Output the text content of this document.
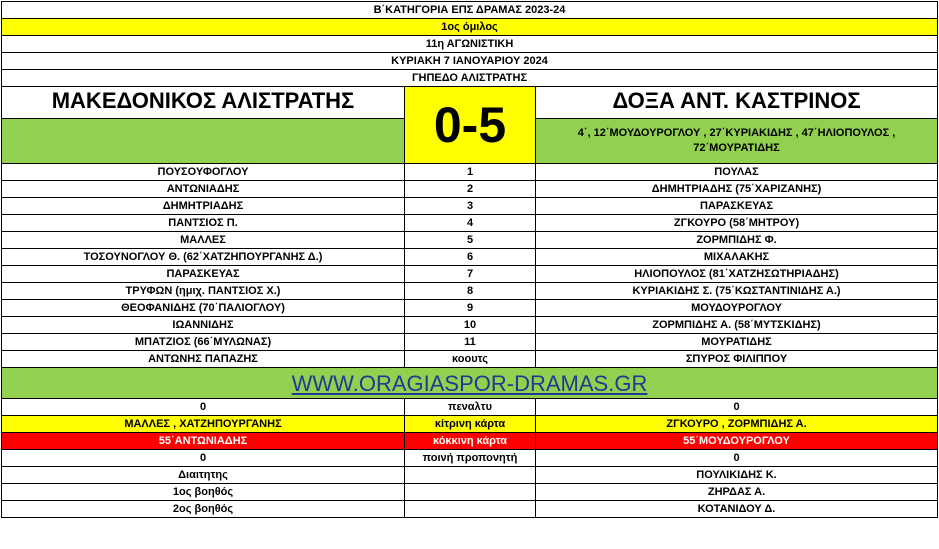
Β΄ΚΑΤΗΓΟΡΙΑ ΕΠΣ ΔΡΑΜΑΣ 2023-24		
1ος όμιλος		
11η ΑΓΩΝΙΣΤΙΚΗ		
ΚΥΡΙΑΚΗ 7 ΙΑΝΟΥΑΡΙΟΥ 2024		
ΓΗΠΕΔΟ ΑΛΙΣΤΡΑΤΗΣ		
ΜΑΚΕΔΟΝΙΚΟΣ ΑΛΙΣΤΡΑΤΗΣ	0-5	ΔΟΞΑ ΑΝΤ. ΚΑΣΤΡΙΝΟΣ
		4΄, 12΄ΜΟΥΔΟΥΡΟΓΛΟΥ , 27΄ΚΥΡΙΑΚΙΔΗΣ , 47΄ΗΛΙΟΠΟΥΛΟΣ , 72΄ΜΟΥΡΑΤΙΔΗΣ
ΠΟΥΣΟΥΦΟΓΛΟΥ	1	ΠΟΥΛΑΣ
ΑΝΤΩΝΙΑΔΗΣ	2	ΔΗΜΗΤΡΙΑΔΗΣ (75΄ΧΑΡΙΖΑΝΗΣ)
ΔΗΜΗΤΡΙΑΔΗΣ	3	ΠΑΡΑΣΚΕΥΑΣ
ΠΑΝΤΣΙΟΣ Π.	4	ΖΓΚΟΥΡΟ (58΄ΜΗΤΡΟΥ)
ΜΑΛΛΕΣ	5	ΖΟΡΜΠΙΔΗΣ Φ.
ΤΟΣΟΥΝΟΓΛΟΥ Θ. (62΄ΧΑΤΖΗΠΟΥΡΓΑΝΗΣ Δ.)	6	ΜΙΧΑΛΑΚΗΣ
ΠΑΡΑΣΚΕΥΑΣ	7	ΗΛΙΟΠΟΥΛΟΣ (81΄ΧΑΤΖΗΣΩΤΗΡΙΑΔΗΣ)
ΤΡΥΦΩΝ (ημιχ. ΠΑΝΤΣΙΟΣ Χ.)	8	ΚΥΡΙΑΚΙΔΗΣ Σ. (75΄ΚΩΣΤΑΝΤΙΝΙΔΗΣ Α.)
ΘΕΟΦΑΝΙΔΗΣ (70΄ΠΑΛΙΟΓΛΟΥ)	9	ΜΟΥΔΟΥΡΟΓΛΟΥ
ΙΩΑΝΝΙΔΗΣ	10	ΖΟΡΜΠΙΔΗΣ Α. (58΄ΜΥΤΣΚΙΔΗΣ)
ΜΠΑΤΖΙΟΣ (66΄ΜΥΛΩΝΑΣ)	11	ΜΟΥΡΑΤΙΔΗΣ
ΑΝΤΩΝΗΣ ΠΑΠΑΖΗΣ	κοουτς	ΣΠΥΡΟΣ ΦΙΛΙΠΠΟΥ
WWW.ORAGIASPOR-DRAMAS.GR		
0	πεναλτυ	0
ΜΑΛΛΕΣ , ΧΑΤΖΗΠΟΥΡΓΑΝΗΣ	κίτρινη κάρτα	ΖΓΚΟΥΡΟ , ΖΟΡΜΠΙΔΗΣ Α.
55΄ΑΝΤΩΝΙΑΔΗΣ	κόκκινη κάρτα	55΄ΜΟΥΔΟΥΡΟΓΛΟΥ
0	ποινή προπονητή	0
Διαιτητης		ΠΟΥΛΙΚΙΔΗΣ Κ.
1ος βοηθός		ΖΗΡΔΑΣ Α.
2ος βοηθός		ΚΟΤΑΝΙΔΟΥ Δ.
